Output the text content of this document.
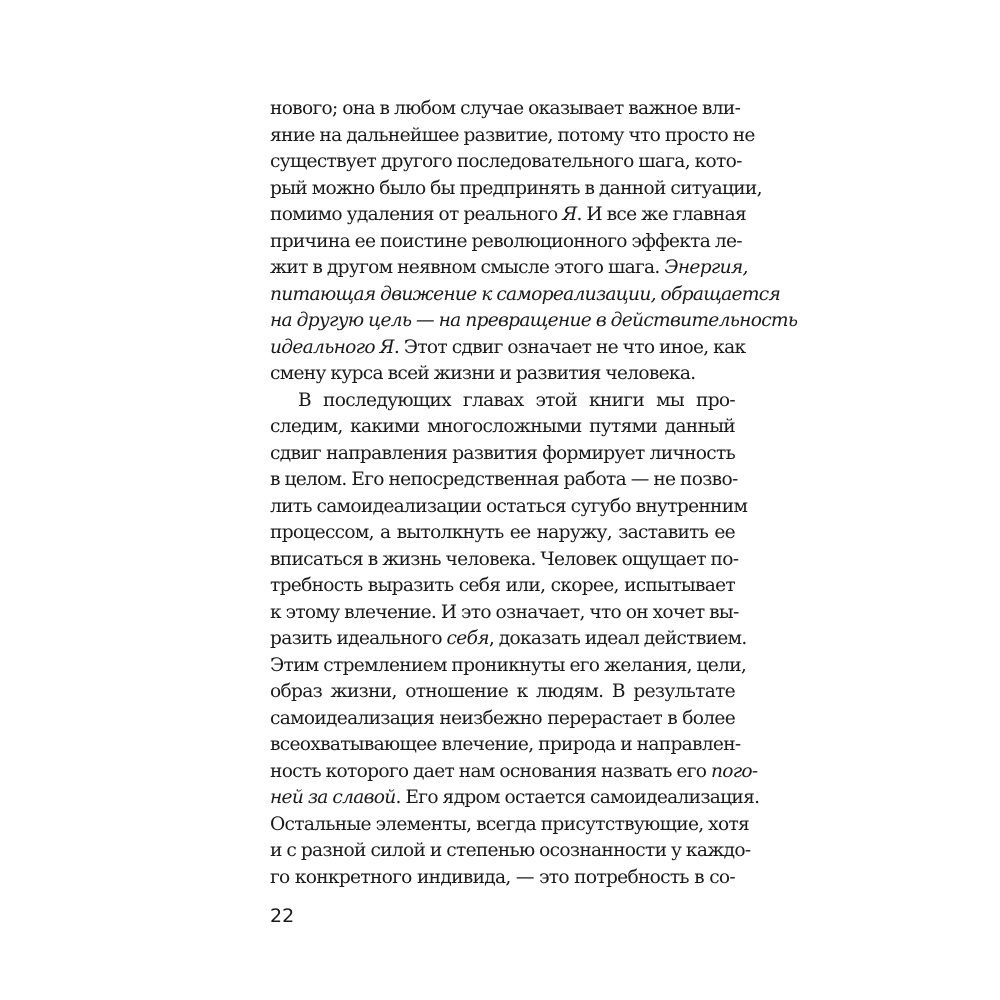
нового; она в любом случае оказывает важное вли-
яние на дальнейшее развитие, потому что просто не
существует другого последовательного шага, кото-
рый можно было бы предпринять в данной ситуации,
помимо удаления от реального Я. И все же главная
причина ее поистине революционного эффекта ле-
жит в другом неявном смысле этого шага. Энергия,
питающая движение к самореализации, обращается
на другую цель — на превращение в действительность
идеального Я. Этот сдвиг означает не что иное, как
смену курса всей жизни и развития человека.
В последующих главах этой книги мы про-
следим, какими многосложными путями данный
сдвиг направления развития формирует личность
в целом. Его непосредственная работа — не позво-
лить самоидеализации остаться сугубо внутренним
процессом, а вытолкнуть ее наружу, заставить ее
вписаться в жизнь человека. Человек ощущает по-
требность выразить себя или, скорее, испытывает
к этому влечение. И это означает, что он хочет вы-
разить идеального себя, доказать идеал действием.
Этим стремлением проникнуты его желания, цели,
образ жизни, отношение к людям. В результате
самоидеализация неизбежно перерастает в более
всеохватывающее влечение, природа и направлен-
ность которого дает нам основания назвать его пого-
ней за славой. Его ядром остается самоидеализация.
Остальные элементы, всегда присутствующие, хотя
и с разной силой и степенью осознанности у каждо-
го конкретного индивида, — это потребность в со-
22
